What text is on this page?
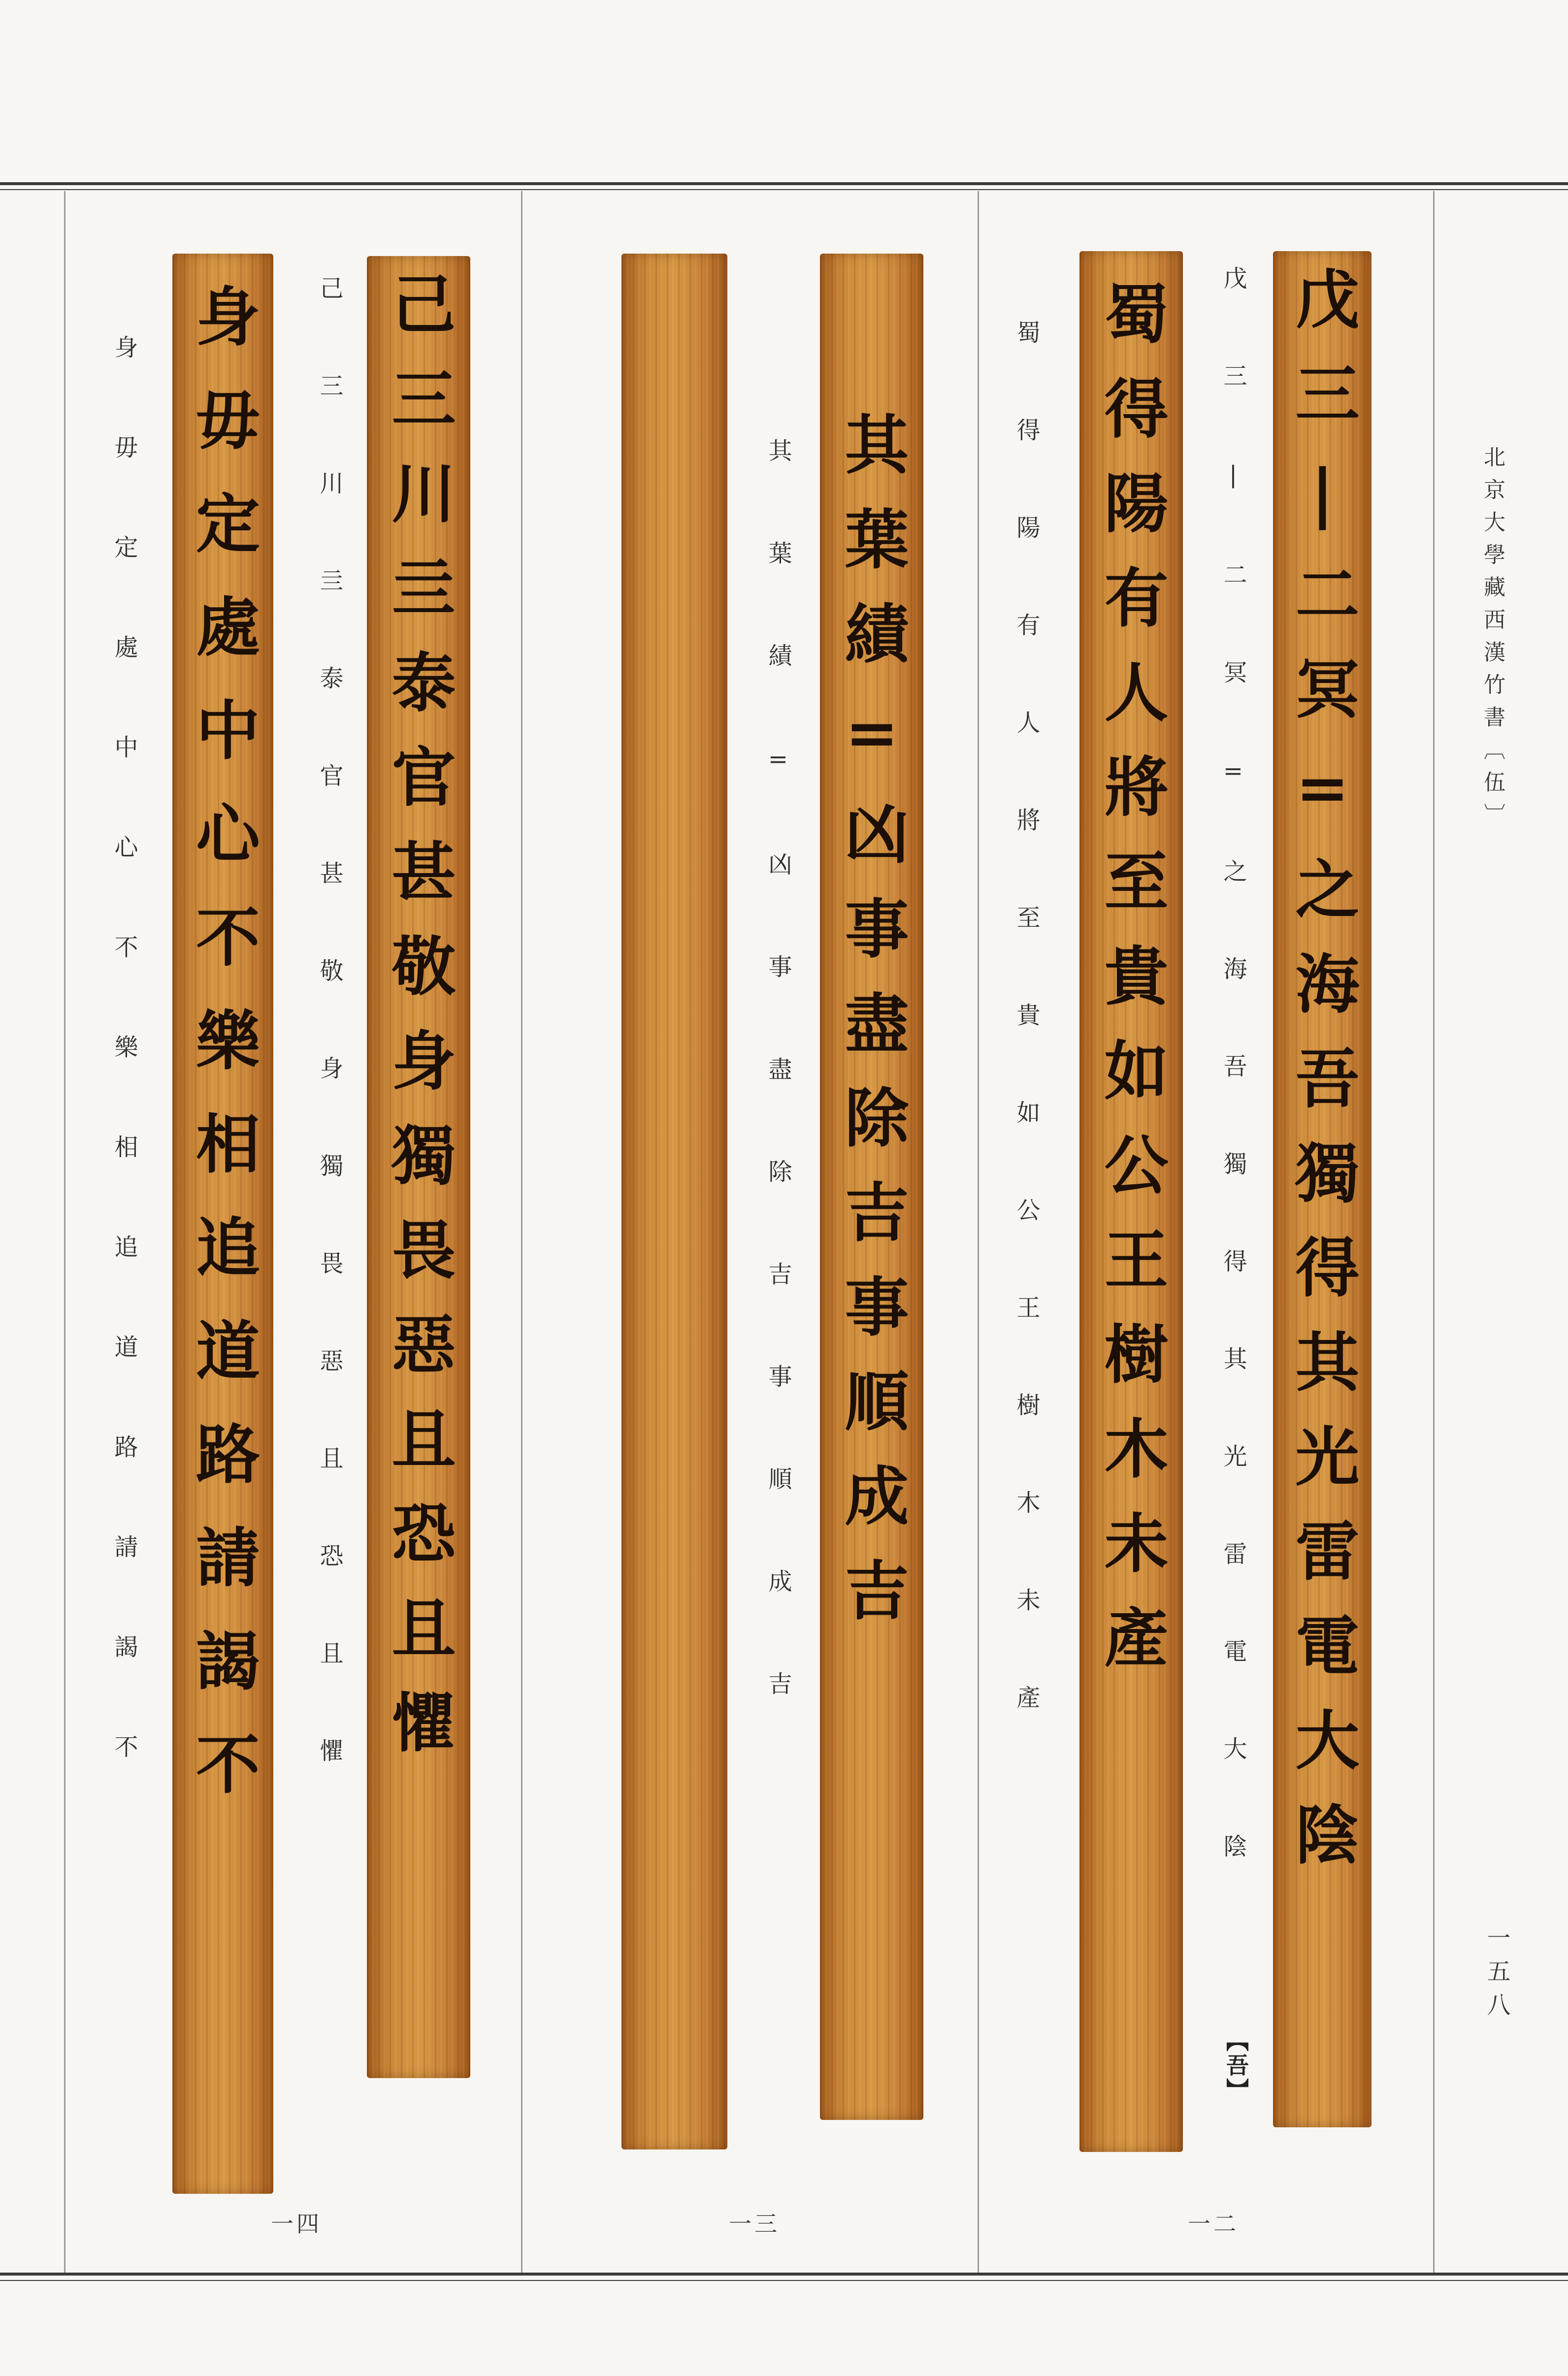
北京大學藏西漢竹書〔伍〕
一五八
戊三|二冥=之海吾獨得其光雷電大陰
蜀得陽有人將至貴如公王樹木未產	戊三|二冥=之海吾獨得其光雷電大陰
蜀得陽有人將至貴如公王樹木未產
【吾】
一二
其葉績=凶事盡除吉事順成吉
其葉績=凶事盡除吉事順成吉
一三
己三川亖泰官甚敬身獨畏惡且恐且懼
身毋定處中心不樂相追道路請謁不	己三川亖泰官甚敬身獨畏惡且恐且懼
身毋定處中心不樂相追道路請謁不
一四
